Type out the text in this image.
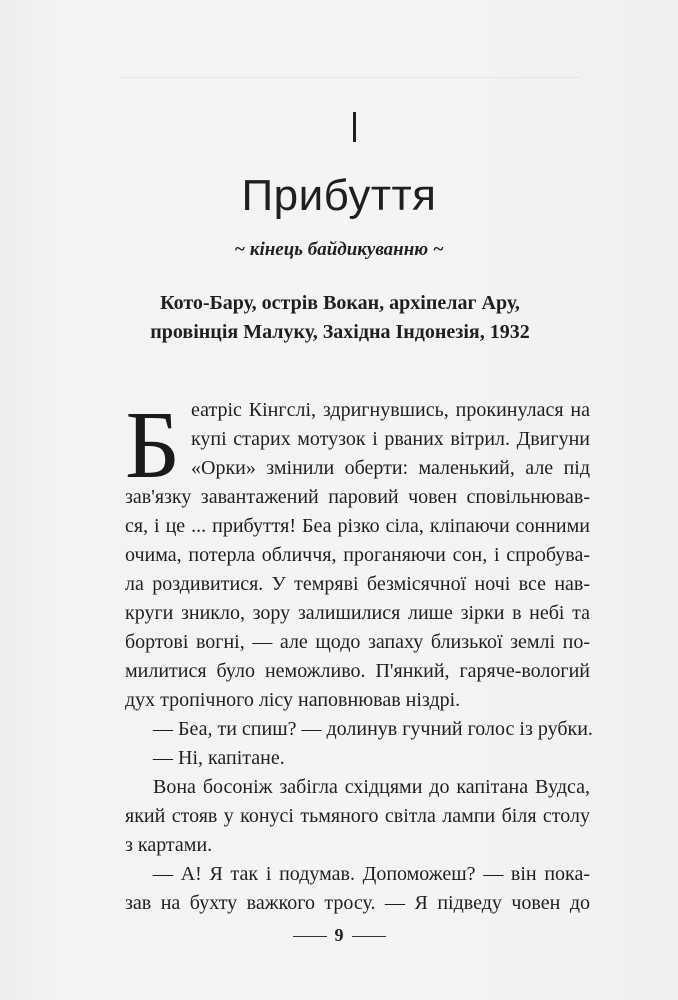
Прибуття

~ кінець байдикуванню ~

Кото-Бару, острів Вокан, архіпелаг Ару,
провінція Малуку, Західна Індонезія, 1932

Б еатріс Кінгслі, здригнувшись, прокинулася на
купі старих мотузок і рваних вітрил. Двигуни
«Орки» змінили оберти: маленький, але під
зав'язку завантажений паровий човен сповільнював-
ся, і це ... прибуття! Беа різко сіла, кліпаючи сонними
очима, потерла обличчя, проганяючи сон, і спробува-
ла роздивитися. У темряві безмісячної ночі все нав-
круги зникло, зору залишилися лише зірки в небі та
бортові вогні, — але щодо запаху близької землі по-
милитися було неможливо. П'янкий, гаряче-вологий
дух тропічного лісу наповнював ніздрі.
— Беа, ти спиш? — долинув гучний голос із рубки.
— Ні, капітане.
Вона босоніж забігла східцями до капітана Вудса,
який стояв у конусі тьмяного світла лампи біля столу
з картами.
— А! Я так і подумав. Допоможеш? — він пока-
зав на бухту важкого тросу. — Я підведу човен до
9
